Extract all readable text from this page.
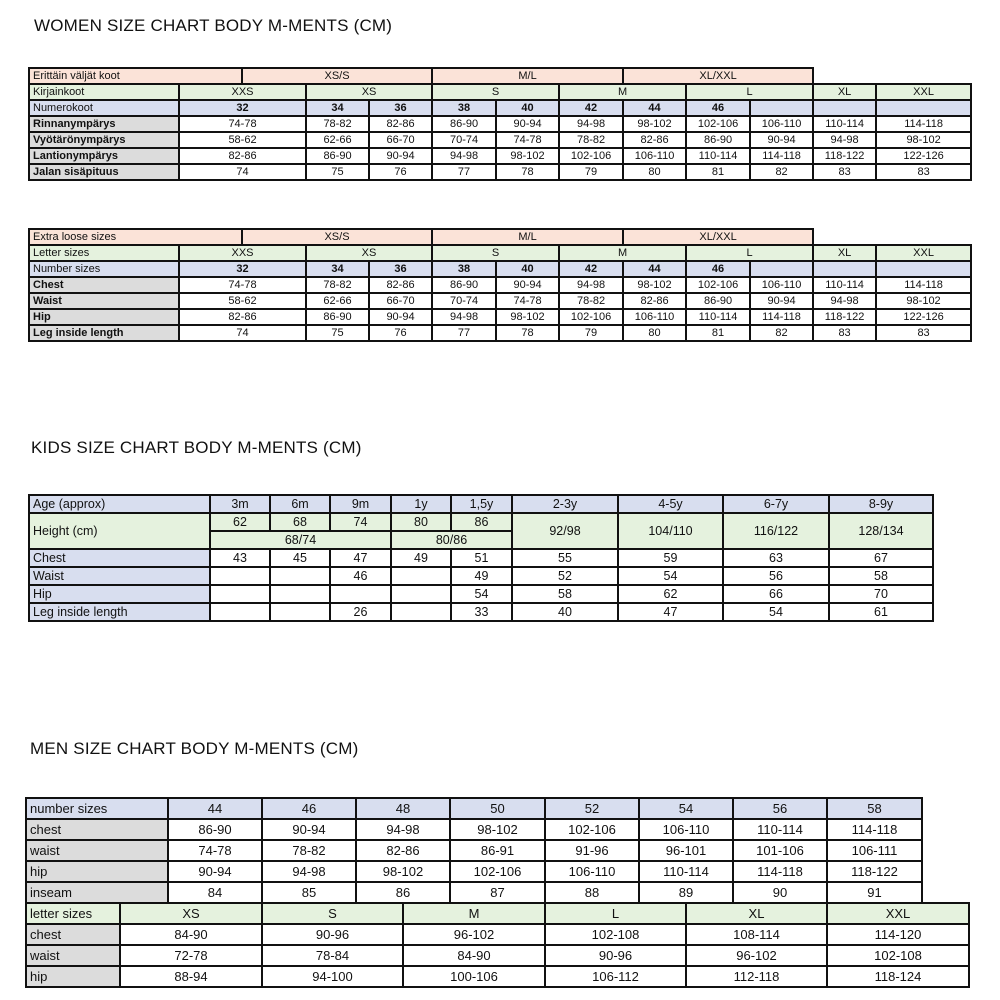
WOMEN SIZE CHART BODY M-MENTS (CM)
KIDS SIZE CHART BODY M-MENTS (CM)
MEN SIZE CHART BODY M-MENTS (CM)
Erittäin väljät koot		XS/S			M/L			XL/XXL					
Kirjainkoot	XXS		XS		S		M		L		XL	XXL	
Numerokoot	32		34	36	38	40	42	44	46				
Rinnanympärys	74-78		78-82	82-86	86-90	90-94	94-98	98-102	102-106	106-110	110-114	114-118	
Vyötärönympärys	58-62		62-66	66-70	70-74	74-78	78-82	82-86	86-90	90-94	94-98	98-102	
Lantionympärys	82-86		86-90	90-94	94-98	98-102	102-106	106-110	110-114	114-118	118-122	122-126	
Jalan sisäpituus	74		75	76	77	78	79	80	81	82	83	83	
Extra loose sizes		XS/S			M/L			XL/XXL					
Letter sizes	XXS		XS		S		M		L		XL	XXL	
Number sizes	32		34	36	38	40	42	44	46				
Chest	74-78		78-82	82-86	86-90	90-94	94-98	98-102	102-106	106-110	110-114	114-118	
Waist	58-62		62-66	66-70	70-74	74-78	78-82	82-86	86-90	90-94	94-98	98-102	
Hip	82-86		86-90	90-94	94-98	98-102	102-106	106-110	110-114	114-118	118-122	122-126	
Leg inside length	74		75	76	77	78	79	80	81	82	83	83	
Age (approx)	3m	6m	9m	1y	1,5y	2-3y	4-5y	6-7y	8-9y
Height (cm)	62	68	74	80	86	92/98	104/110	116/122	128/134
	68/74			80/86					
Chest	43	45	47	49	51	55	59	63	67
Waist			46		49	52	54	56	58
Hip					54	58	62	66	70
Leg inside length			26		33	40	47	54	61
number sizes		44	46	48		50	52	54		56	58	
chest		86-90	90-94	94-98		98-102	102-106	106-110		110-114	114-118	
waist		74-78	78-82	82-86		86-91	91-96	96-101		101-106	106-111	
hip		90-94	94-98	98-102		102-106	106-110	110-114		114-118	118-122	
inseam		84	85	86		87	88	89		90	91	
letter sizes	XS		S		M		L		XL		XXL	
chest	84-90		90-96		96-102		102-108		108-114		114-120	
waist	72-78		78-84		84-90		90-96		96-102		102-108	
hip	88-94		94-100		100-106		106-112		112-118		118-124	
